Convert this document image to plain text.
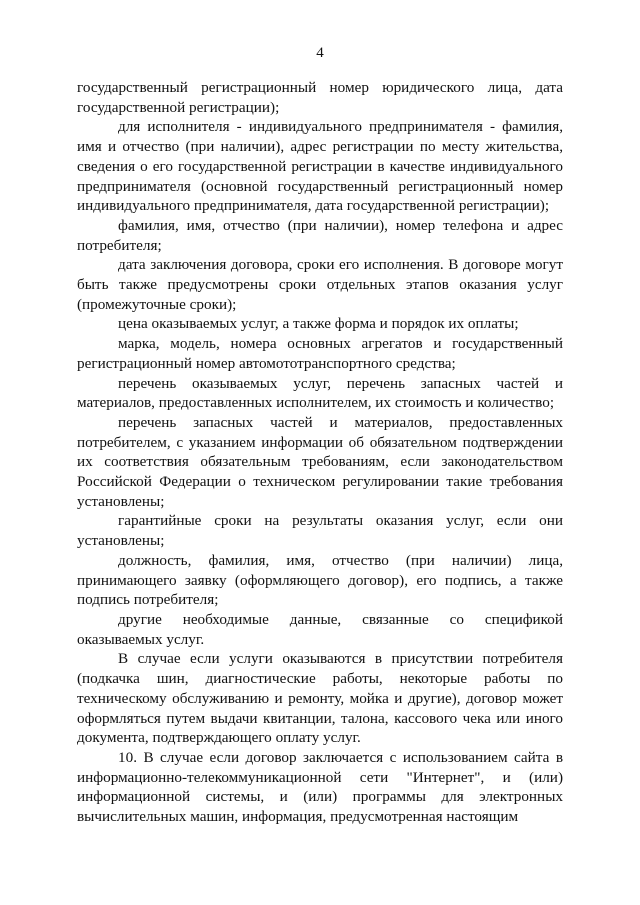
4

государственный регистрационный номер юридического лица, дата государственной регистрации);

для исполнителя - индивидуального предпринимателя - фамилия, имя и отчество (при наличии), адрес регистрации по месту жительства, сведения о его государственной регистрации в качестве индивидуального предпринимателя (основной государственный регистрационный номер индивидуального предпринимателя, дата государственной регистрации);

фамилия, имя, отчество (при наличии), номер телефона и адрес потребителя;

дата заключения договора, сроки его исполнения. В договоре могут быть также предусмотрены сроки отдельных этапов оказания услуг (промежуточные сроки);

цена оказываемых услуг, а также форма и порядок их оплаты;

марка, модель, номера основных агрегатов и государственный регистрационный номер автомототранспортного средства;

перечень оказываемых услуг, перечень запасных частей и материалов, предоставленных исполнителем, их стоимость и количество;

перечень запасных частей и материалов, предоставленных потребителем, с указанием информации об обязательном подтверждении их соответствия обязательным требованиям, если законодательством Российской Федерации о техническом регулировании такие требования установлены;

гарантийные сроки на результаты оказания услуг, если они установлены;

должность, фамилия, имя, отчество (при наличии) лица, принимающего заявку (оформляющего договор), его подпись, а также подпись потребителя;

другие необходимые данные, связанные со спецификой оказываемых услуг.

В случае если услуги оказываются в присутствии потребителя (подкачка шин, диагностические работы, некоторые работы по техническому обслуживанию и ремонту, мойка и другие), договор может оформляться путем выдачи квитанции, талона, кассового чека или иного документа, подтверждающего оплату услуг.

10. В случае если договор заключается с использованием сайта в информационно-телекоммуникационной сети "Интернет", и (или) информационной системы, и (или) программы для электронных вычислительных машин, информация, предусмотренная настоящим
